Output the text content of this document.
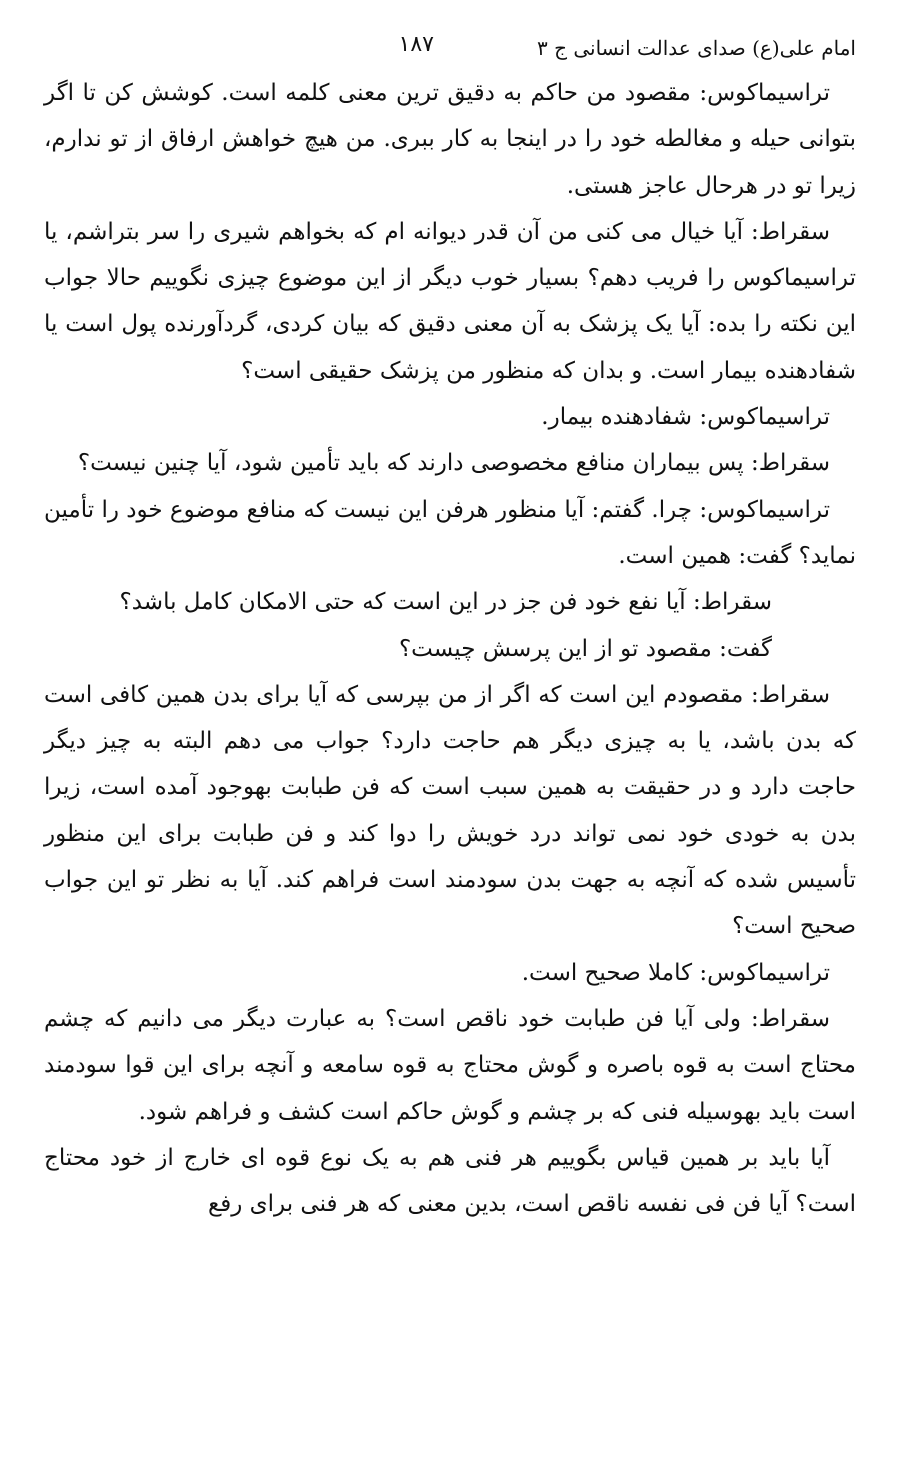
امام علی(ع) صدای عدالت انسانی ج ۳
۱۸۷

تراسیماکوس: مقصود من حاکم به دقیق ترین معنی کلمه است. کوشش کن تا اگر بتوانی حیله و مغالطه خود را در اینجا به کار ببری. من هیچ خواهش ارفاق از تو ندارم، زیرا تو در هرحال عاجز هستی.

سقراط: آیا خیال می کنی من آن قدر دیوانه ام که بخواهم شیری را سر بتراشم، یا تراسیماکوس را فریب دهم؟ بسیار خوب دیگر از این موضوع چیزی نگوییم حالا جواب این نکته را بده: آیا یک پزشک به آن معنی دقیق که بیان کردی، گردآورنده پول است یا شفادهنده بیمار است. و بدان که منظور من پزشک حقیقی است؟

تراسیماکوس: شفادهنده بیمار.

سقراط: پس بیماران منافع مخصوصی دارند که باید تأمین شود، آیا چنین نیست؟

تراسیماکوس: چرا. گفتم: آیا منظور هرفن این نیست که منافع موضوع خود را تأمین نماید؟ گفت: همین است.

سقراط: آیا نفع خود فن جز در این است که حتی الامکان کامل باشد؟

گفت: مقصود تو از این پرسش چیست؟

سقراط: مقصودم این است که اگر از من بپرسی که آیا برای بدن همین کافی است که بدن باشد، یا به چیزی دیگر هم حاجت دارد؟ جواب می دهم البته به چیز دیگر حاجت دارد و در حقیقت به همین سبب است که فن طبابت بهوجود آمده است، زیرا بدن به خودی خود نمی تواند درد خویش را دوا کند و فن طبابت برای این منظور تأسیس شده که آنچه به جهت بدن سودمند است فراهم کند. آیا به نظر تو این جواب صحیح است؟

تراسیماکوس: کاملا صحیح است.

سقراط: ولی آیا فن طبابت خود ناقص است؟ به عبارت دیگر می دانیم که چشم محتاج است به قوه باصره و گوش محتاج به قوه سامعه و آنچه برای این قوا سودمند است باید بهوسیله فنی که بر چشم و گوش حاکم است کشف و فراهم شود.

آیا باید بر همین قیاس بگوییم هر فنی هم به یک نوع قوه ای خارج از خود محتاج است؟ آیا فن فی نفسه ناقص است، بدین معنی که هر فنی برای رفع
